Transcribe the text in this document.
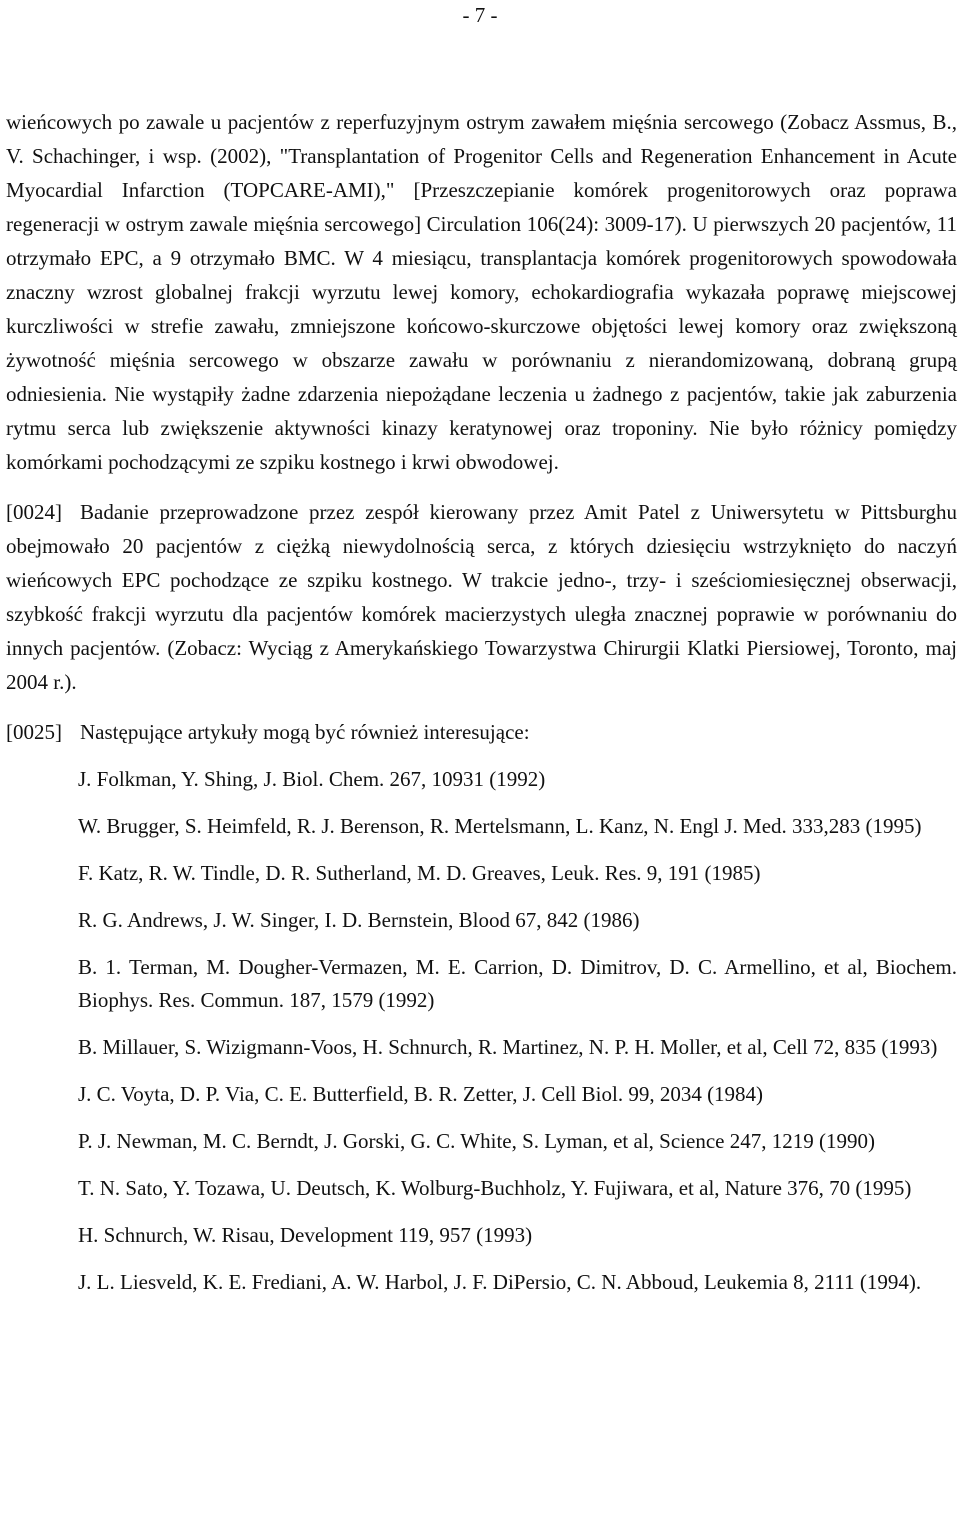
- 7 -

wieńcowych po zawale u pacjentów z reperfuzyjnym ostrym zawałem mięśnia sercowego (Zobacz Assmus, B., V. Schachinger, i wsp. (2002), "Transplantation of Progenitor Cells and Regeneration Enhancement in Acute Myocardial Infarction (TOPCARE-AMI)," [Przeszczepianie komórek progenitorowych oraz poprawa regeneracji w ostrym zawale mięśnia sercowego] Circulation 106(24): 3009-17). U pierwszych 20 pacjentów, 11 otrzymało EPC, a 9 otrzymało BMC. W 4 miesiącu, transplantacja komórek progenitorowych spowodowała znaczny wzrost globalnej frakcji wyrzutu lewej komory, echokardiografia wykazała poprawę miejscowej kurczliwości w strefie zawału, zmniejszone końcowo-skurczowe objętości lewej komory oraz zwiększoną żywotność mięśnia sercowego w obszarze zawału w porównaniu z nierandomizowaną, dobraną grupą odniesienia. Nie wystąpiły żadne zdarzenia niepożądane leczenia u żadnego z pacjentów, takie jak zaburzenia rytmu serca lub zwiększenie aktywności kinazy keratynowej oraz troponiny. Nie było różnicy pomiędzy komórkami pochodzącymi ze szpiku kostnego i krwi obwodowej.

[0024] Badanie przeprowadzone przez zespół kierowany przez Amit Patel z Uniwersytetu w Pittsburghu obejmowało 20 pacjentów z ciężką niewydolnością serca, z których dziesięciu wstrzyknięto do naczyń wieńcowych EPC pochodzące ze szpiku kostnego. W trakcie jedno-, trzy- i sześciomiesięcznej obserwacji, szybkość frakcji wyrzutu dla pacjentów komórek macierzystych uległa znacznej poprawie w porównaniu do innych pacjentów. (Zobacz: Wyciąg z Amerykańskiego Towarzystwa Chirurgii Klatki Piersiowej, Toronto, maj 2004 r.).

[0025] Następujące artykuły mogą być również interesujące:

J. Folkman, Y. Shing, J. Biol. Chem. 267, 10931 (1992)

W. Brugger, S. Heimfeld, R. J. Berenson, R. Mertelsmann, L. Kanz, N. Engl J. Med. 333,283 (1995)

F. Katz, R. W. Tindle, D. R. Sutherland, M. D. Greaves, Leuk. Res. 9, 191 (1985)

R. G. Andrews, J. W. Singer, I. D. Bernstein, Blood 67, 842 (1986)

B. 1. Terman, M. Dougher-Vermazen, M. E. Carrion, D. Dimitrov, D. C. Armellino, et al, Biochem. Biophys. Res. Commun. 187, 1579 (1992)

B. Millauer, S. Wizigmann-Voos, H. Schnurch, R. Martinez, N. P. H. Moller, et al, Cell 72, 835 (1993)

J. C. Voyta, D. P. Via, C. E. Butterfield, B. R. Zetter, J. Cell Biol. 99, 2034 (1984)

P. J. Newman, M. C. Berndt, J. Gorski, G. C. White, S. Lyman, et al, Science 247, 1219 (1990)

T. N. Sato, Y. Tozawa, U. Deutsch, K. Wolburg-Buchholz, Y. Fujiwara, et al, Nature 376, 70 (1995)

H. Schnurch, W. Risau, Development 119, 957 (1993)

J. L. Liesveld, K. E. Frediani, A. W. Harbol, J. F. DiPersio, C. N. Abboud, Leukemia 8, 2111 (1994).
